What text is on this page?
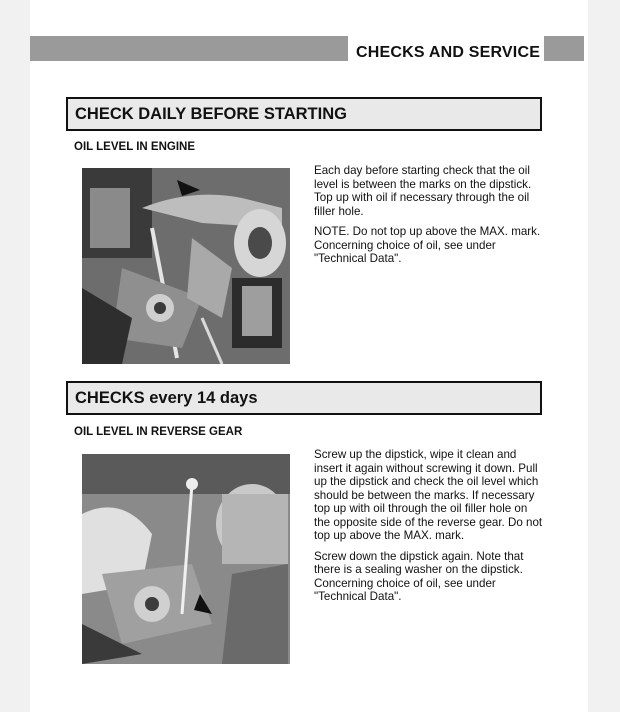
CHECKS AND SERVICE
CHECK DAILY BEFORE STARTING
OIL LEVEL IN ENGINE

Each day before starting check that the oil level is between the marks on the dipstick. Top up with oil if necessary through the oil filler hole.

NOTE. Do not top up above the MAX. mark. Concerning choice of oil, see under "Technical Data".

CHECKS every 14 days
OIL LEVEL IN REVERSE GEAR

Screw up the dipstick, wipe it clean and insert it again without screwing it down. Pull up the dipstick and check the oil level which should be between the marks. If necessary top up with oil through the oil filler hole on the opposite side of the reverse gear. Do not top up above the MAX. mark.

Screw down the dipstick again. Note that there is a sealing washer on the dipstick. Concerning choice of oil, see under "Technical Data".
